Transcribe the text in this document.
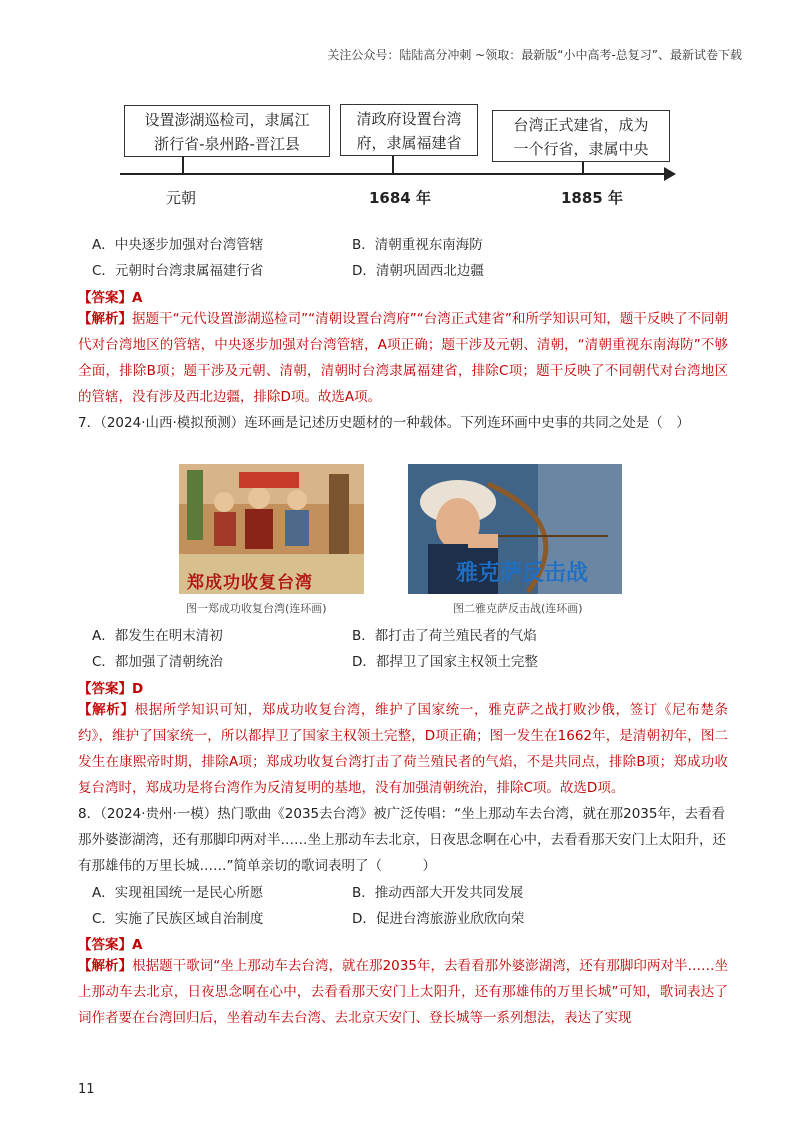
关注公众号：陆陆高分冲刺 ~领取：最新版“小中高考-总复习”、最新试卷下载
设置澎湖巡检司，隶属江
浙行省-泉州路-晋江县
清政府设置台湾
府，隶属福建省
台湾正式建省，成为
一个行省，隶属中央
元朝	1684 年	1885 年
A．中央逐步加强对台湾管辖	B．清朝重视东南海防
C．元朝时台湾隶属福建行省	D．清朝巩固西北边疆
【答案】A
【解析】据题干“元代设置澎湖巡检司”“清朝设置台湾府”“台湾正式建省”和所学知识可知，题干反映了不同朝代对台湾地区的管辖，中央逐步加强对台湾管辖，A项正确；题干涉及元朝、清朝，“清朝重视东南海防”不够全面，排除B项；题干涉及元朝、清朝，清朝时台湾隶属福建省，排除C项；题干反映了不同朝代对台湾地区的管辖，没有涉及西北边疆，排除D项。故选A项。
7．（2024·山西·模拟预测）连环画是记述历史题材的一种载体。下列连环画中史事的共同之处是（　）
郑成功收复台湾
图一郑成功收复台湾(连环画)
雅克萨反击战
图二雅克萨反击战(连环画)
A．都发生在明末清初	B．都打击了荷兰殖民者的气焰
C．都加强了清朝统治	D．都捍卫了国家主权领土完整
【答案】D
【解析】根据所学知识可知，郑成功收复台湾，维护了国家统一，雅克萨之战打败沙俄，签订《尼布楚条约》，维护了国家统一，所以都捍卫了国家主权领土完整，D项正确；图一发生在1662年，是清朝初年，图二发生在康熙帝时期，排除A项；郑成功收复台湾打击了荷兰殖民者的气焰，不是共同点，排除B项；郑成功收复台湾时，郑成功是将台湾作为反清复明的基地，没有加强清朝统治，排除C项。故选D项。
8．（2024·贵州·一模）热门歌曲《2035去台湾》被广泛传唱：“坐上那动车去台湾，就在那2035年，去看看那外婆澎湖湾，还有那脚印两对半……坐上那动车去北京，日夜思念啊在心中，去看看那天安门上太阳升，还有那雄伟的万里长城……”简单亲切的歌词表明了（　　　）
A．实现祖国统一是民心所愿	B．推动西部大开发共同发展
C．实施了民族区域自治制度	D．促进台湾旅游业欣欣向荣
【答案】A
【解析】根据题干歌词“坐上那动车去台湾，就在那2035年，去看看那外婆澎湖湾，还有那脚印两对半……坐上那动车去北京，日夜思念啊在心中，去看看那天安门上太阳升，还有那雄伟的万里长城”可知，歌词表达了词作者要在台湾回归后，坐着动车去台湾、去北京天安门、登长城等一系列想法，表达了实现
11
